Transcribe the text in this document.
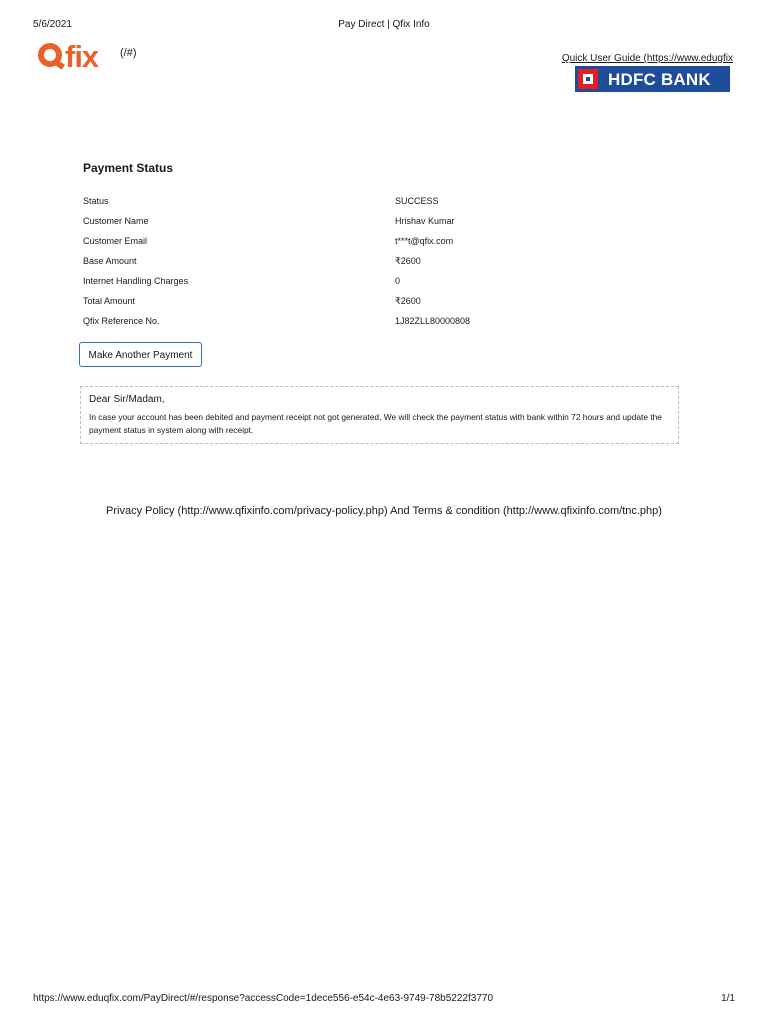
5/6/2021	Pay Direct | Qfix Info
fix (/#)	Quick User Guide (https://www.edugfix
HDFC BANK
Payment Status
Status	SUCCESS
Customer Name	Hrishav Kumar
Customer Email	t***t@qfix.com
Base Amount	₹2600
Internet Handling Charges	0
Total Amount	₹2600
Qfix Reference No.	1J82ZLL80000808
Make Another Payment
Dear Sir/Madam,
In case your account has been debited and payment receipt not got generated, We will check the payment status with bank within 72 hours and update the payment status in system along with receipt.
Privacy Policy (http://www.qfixinfo.com/privacy-policy.php) And Terms & condition (http://www.qfixinfo.com/tnc.php)
https://www.eduqfix.com/PayDirect/#/response?accessCode=1dece556-e54c-4e63-9749-78b5222f3770	1/1
